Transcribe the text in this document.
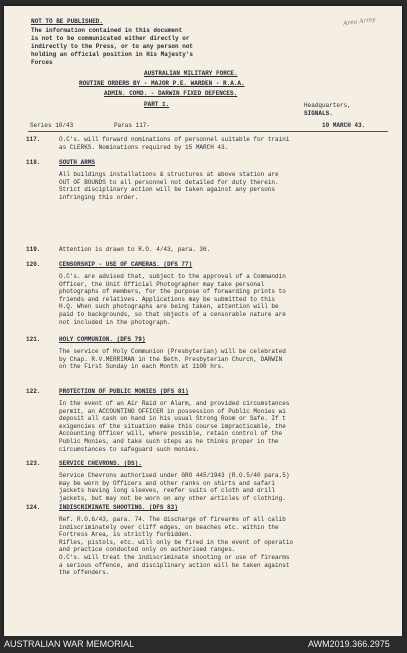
NOT TO BE PUBLISHED.
The information contained in this document
is not to be communicated either directly or
indirectly to the Press, or to any person not
holding an official position in His Majesty's
Forces
Area Army
AUSTRALIAN MILITARY FORCE.
ROUTINE ORDERS BY - MAJOR P.E. WARDEN - R.A.A.
ADMIN. COMD. - DARWIN FIXED DEFENCES.
PART 1.	Headquarters,
SIGNALS.
Series 10/43	Paras 117-	10 MARCH 43.
117.	O.C's. will forward nominations of personnel suitable for traini
as CLERKS. Nominations required by 15 MARCH 43.
118.	SOUTH ARMS
All buildings installations & structures at above station are
OUT OF BOUNDS to all personnel not detailed for duty therein.
Strict disciplinary action will be taken against any persons
infringing this order.
119.	Attention is drawn to R.O. 4/43, para. 36.
120.	CENSORSHIP - USE OF CAMERAS. (DFS 77)
O.C's. are advised that, subject to the approval of a Commandin
Officer, the Unit Official Photographer may take personal
photographs of members, for the purpose of forwarding prints to
friends and relatives. Applications may be submitted to this
H.Q. When such photographs are being taken, attention will be
paid to backgrounds, so that objects of a censorable nature are
not included in the photograph.
121.	HOLY COMMUNION. (DFS 79)
The service of Holy Communion (Presbyterian) will be celebrated
by Chap. R.V.MERRIMAN in the Beth. Presbyterian Church, DARWIN
on the First Sunday in each Month at 1100 hrs.
122.	PROTECTION OF PUBLIC MONIES (DFS 81)
In the event of an Air Raid or Alarm, and provided circumstances
permit, an ACCOUNTING OFFICER in possession of Public Monies wi
deposit all cash on hand in his usual Strong Room or Safe. If t
exigencies of the situation make this course impracticable, the
Accounting Officer will, where possible, retain control of the
Public Monies, and take such steps as he thinks proper in the
circumstances to safeguard such monies.
123.	SERVICE CHEVRONS. (DS).
Service Chevrons authorised under GRO 445/1943 (R.O.5/40 para.5)
may be worn by Officers and other ranks on shirts and safari
jackets having long sleeves, reefer suits of cloth and drill
jackets, but may not be worn on any other articles of clothing.
124.	INDISCRIMINATE SHOOTING. (DFS 83)
Ref. R.O.6/43, para. 74. The discharge of firearms of all calib
indiscriminately over cliff edges, on beaches etc. within the
Fortress Area, is strictly forbidden.
Rifles, pistols, etc. will only be fired in the event of operatio
and practice conducted only on authorised ranges.
O.C's. will treat the indiscriminate shooting or use of firearms
a serious offence, and disciplinary action will be taken against
the offenders.
AUSTRALIAN WAR MEMORIAL	AWM2019.366.2975
